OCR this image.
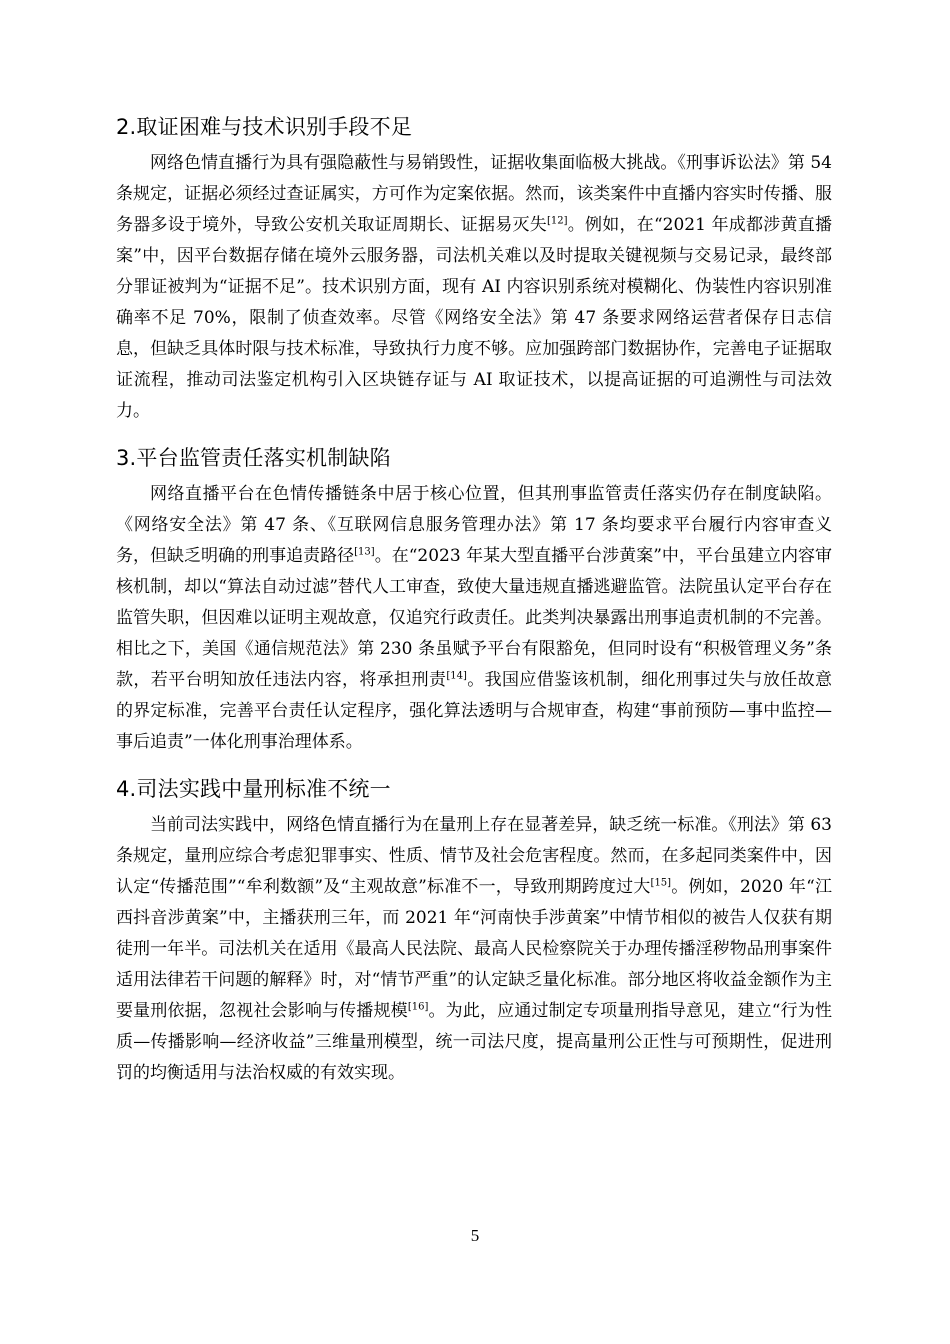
2.取证困难与技术识别手段不足

网络色情直播行为具有强隐蔽性与易销毁性，证据收集面临极大挑战。《刑事诉讼法》第 54 条规定，证据必须经过查证属实，方可作为定案依据。然而，该类案件中直播内容实时传播、服务器多设于境外，导致公安机关取证周期长、证据易灭失[12]。例如，在“2021 年成都涉黄直播案”中，因平台数据存储在境外云服务器，司法机关难以及时提取关键视频与交易记录，最终部分罪证被判为“证据不足”。技术识别方面，现有 AI 内容识别系统对模糊化、伪装性内容识别准确率不足 70%，限制了侦查效率。尽管《网络安全法》第 47 条要求网络运营者保存日志信息，但缺乏具体时限与技术标准，导致执行力度不够。应加强跨部门数据协作，完善电子证据取证流程，推动司法鉴定机构引入区块链存证与 AI 取证技术，以提高证据的可追溯性与司法效力。

3.平台监管责任落实机制缺陷

网络直播平台在色情传播链条中居于核心位置，但其刑事监管责任落实仍存在制度缺陷。《网络安全法》第 47 条、《互联网信息服务管理办法》第 17 条均要求平台履行内容审查义务，但缺乏明确的刑事追责路径[13]。在“2023 年某大型直播平台涉黄案”中，平台虽建立内容审核机制，却以“算法自动过滤”替代人工审查，致使大量违规直播逃避监管。法院虽认定平台存在监管失职，但因难以证明主观故意，仅追究行政责任。此类判决暴露出刑事追责机制的不完善。相比之下，美国《通信规范法》第 230 条虽赋予平台有限豁免，但同时设有“积极管理义务”条款，若平台明知放任违法内容，将承担刑责[14]。我国应借鉴该机制，细化刑事过失与放任故意的界定标准，完善平台责任认定程序，强化算法透明与合规审查，构建“事前预防—事中监控—事后追责”一体化刑事治理体系。

4.司法实践中量刑标准不统一

当前司法实践中，网络色情直播行为在量刑上存在显著差异，缺乏统一标准。《刑法》第 63 条规定，量刑应综合考虑犯罪事实、性质、情节及社会危害程度。然而，在多起同类案件中，因认定“传播范围”“牟利数额”及“主观故意”标准不一，导致刑期跨度过大[15]。例如，2020 年“江西抖音涉黄案”中，主播获刑三年，而 2021 年“河南快手涉黄案”中情节相似的被告人仅获有期徒刑一年半。司法机关在适用《最高人民法院、最高人民检察院关于办理传播淫秽物品刑事案件适用法律若干问题的解释》时，对“情节严重”的认定缺乏量化标准。部分地区将收益金额作为主要量刑依据，忽视社会影响与传播规模[16]。为此，应通过制定专项量刑指导意见，建立“行为性质—传播影响—经济收益”三维量刑模型，统一司法尺度，提高量刑公正性与可预期性，促进刑罚的均衡适用与法治权威的有效实现。

5
